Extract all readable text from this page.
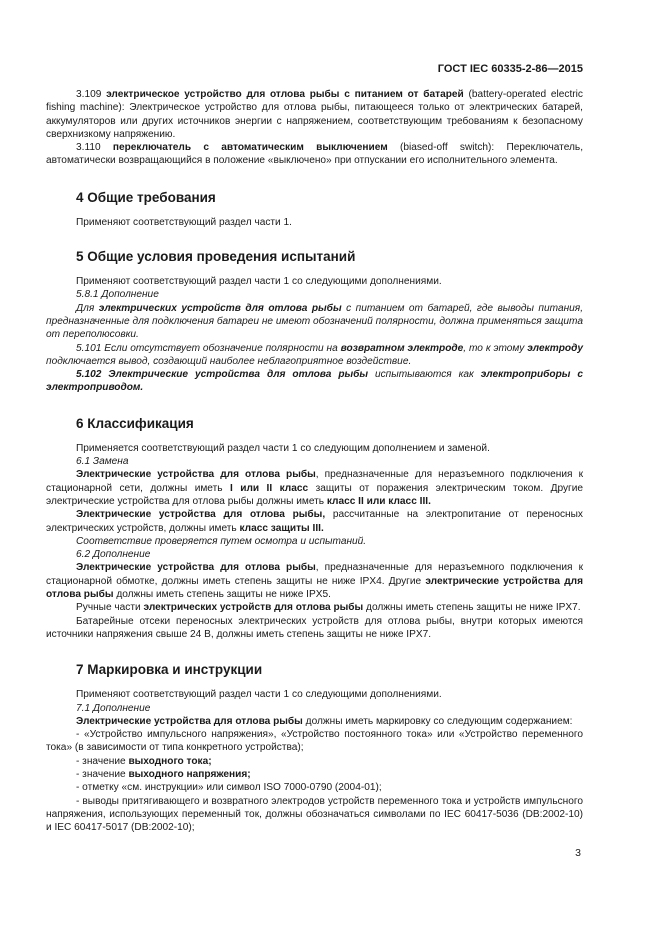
ГОСТ IEC 60335-2-86—2015

3.109 электрическое устройство для отлова рыбы с питанием от батарей (battery-operated electric fishing machine): Электрическое устройство для отлова рыбы, питающееся только от электрических батарей, аккумуляторов или других источников энергии с напряжением, соответствующим требованиям к безопасному сверхнизкому напряжению.

3.110 переключатель с автоматическим выключением (biased-off switch): Переключатель, автоматически возвращающийся в положение «выключено» при отпускании его исполнительного элемента.

4 Общие требования

Применяют соответствующий раздел части 1.

5 Общие условия проведения испытаний

Применяют соответствующий раздел части 1 со следующими дополнениями.

5.8.1 Дополнение

Для электрических устройств для отлова рыбы с питанием от батарей, где выводы питания, предназначенные для подключения батареи не имеют обозначений полярности, должна применяться защита от переполюсовки.

5.101 Если отсутствует обозначение полярности на возвратном электроде, то к этому электроду подключается вывод, создающий наиболее неблагоприятное воздействие.

5.102 Электрические устройства для отлова рыбы испытываются как электроприборы с электроприводом.

6 Классификация

Применяется соответствующий раздел части 1 со следующим дополнением и заменой.

6.1 Замена

Электрические устройства для отлова рыбы, предназначенные для неразъемного подключения к стационарной сети, должны иметь I или II класс защиты от поражения электрическим током. Другие электрические устройства для отлова рыбы должны иметь класс II или класс III.

Электрические устройства для отлова рыбы, рассчитанные на электропитание от переносных электрических устройств, должны иметь класс защиты III.

Соответствие проверяется путем осмотра и испытаний.

6.2 Дополнение

Электрические устройства для отлова рыбы, предназначенные для неразъемного подключения к стационарной обмотке, должны иметь степень защиты не ниже IPX4. Другие электрические устройства для отлова рыбы должны иметь степень защиты не ниже IPX5.

Ручные части электрических устройств для отлова рыбы должны иметь степень защиты не ниже IPX7.

Батарейные отсеки переносных электрических устройств для отлова рыбы, внутри которых имеются источники напряжения свыше 24 В, должны иметь степень защиты не ниже IPX7.

7 Маркировка и инструкции

Применяют соответствующий раздел части 1 со следующими дополнениями.

7.1 Дополнение

Электрические устройства для отлова рыбы должны иметь маркировку со следующим содержанием:

- «Устройство импульсного напряжения», «Устройство постоянного тока» или «Устройство переменного тока» (в зависимости от типа конкретного устройства);

- значение выходного тока;

- значение выходного напряжения;

- отметку «см. инструкции» или символ ISO 7000-0790 (2004-01);

- выводы притягивающего и возвратного электродов устройств переменного тока и устройств импульсного напряжения, использующих переменный ток, должны обозначаться символами по IEC 60417-5036 (DB:2002-10) и IEC 60417-5017 (DB:2002-10);

3
